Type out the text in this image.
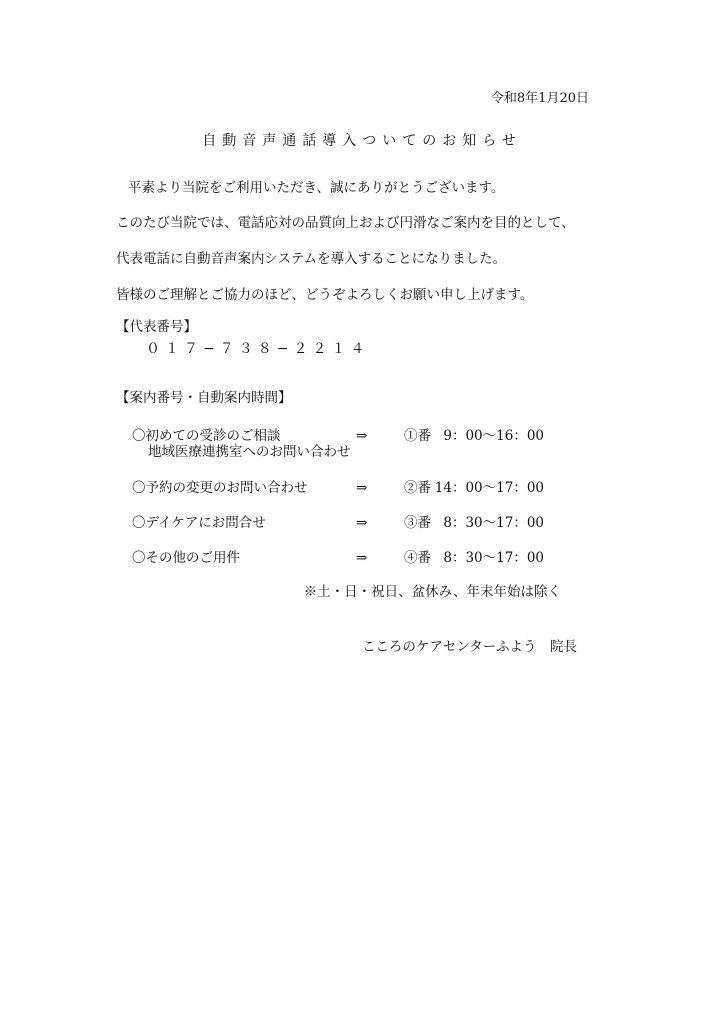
令和8年1月20日
自動音声通話導入ついてのお知らせ
平素より当院をご利用いただき、誠にありがとうございます。
このたび当院では、電話応対の品質向上および円滑なご案内を目的として、
代表電話に自動音声案内システムを導入することになりました。
皆様のご理解とご協力のほど、どうぞよろしくお願い申し上げます。
【代表番号】
０１７−７３８−２２１４
【案内番号・自動案内時間】
〇初めての受診のご相談	⇒	①番 9：00〜16：00
地域医療連携室へのお問い合わせ
〇予約の変更のお問い合わせ	⇒	②番 14：00〜17：00
〇デイケアにお問合せ	⇒	③番 8：30〜17：00
〇その他のご用件	⇒	④番 8：30〜17：00
※土・日・祝日、盆休み、年末年始は除く
こころのケアセンターふよう　院長
